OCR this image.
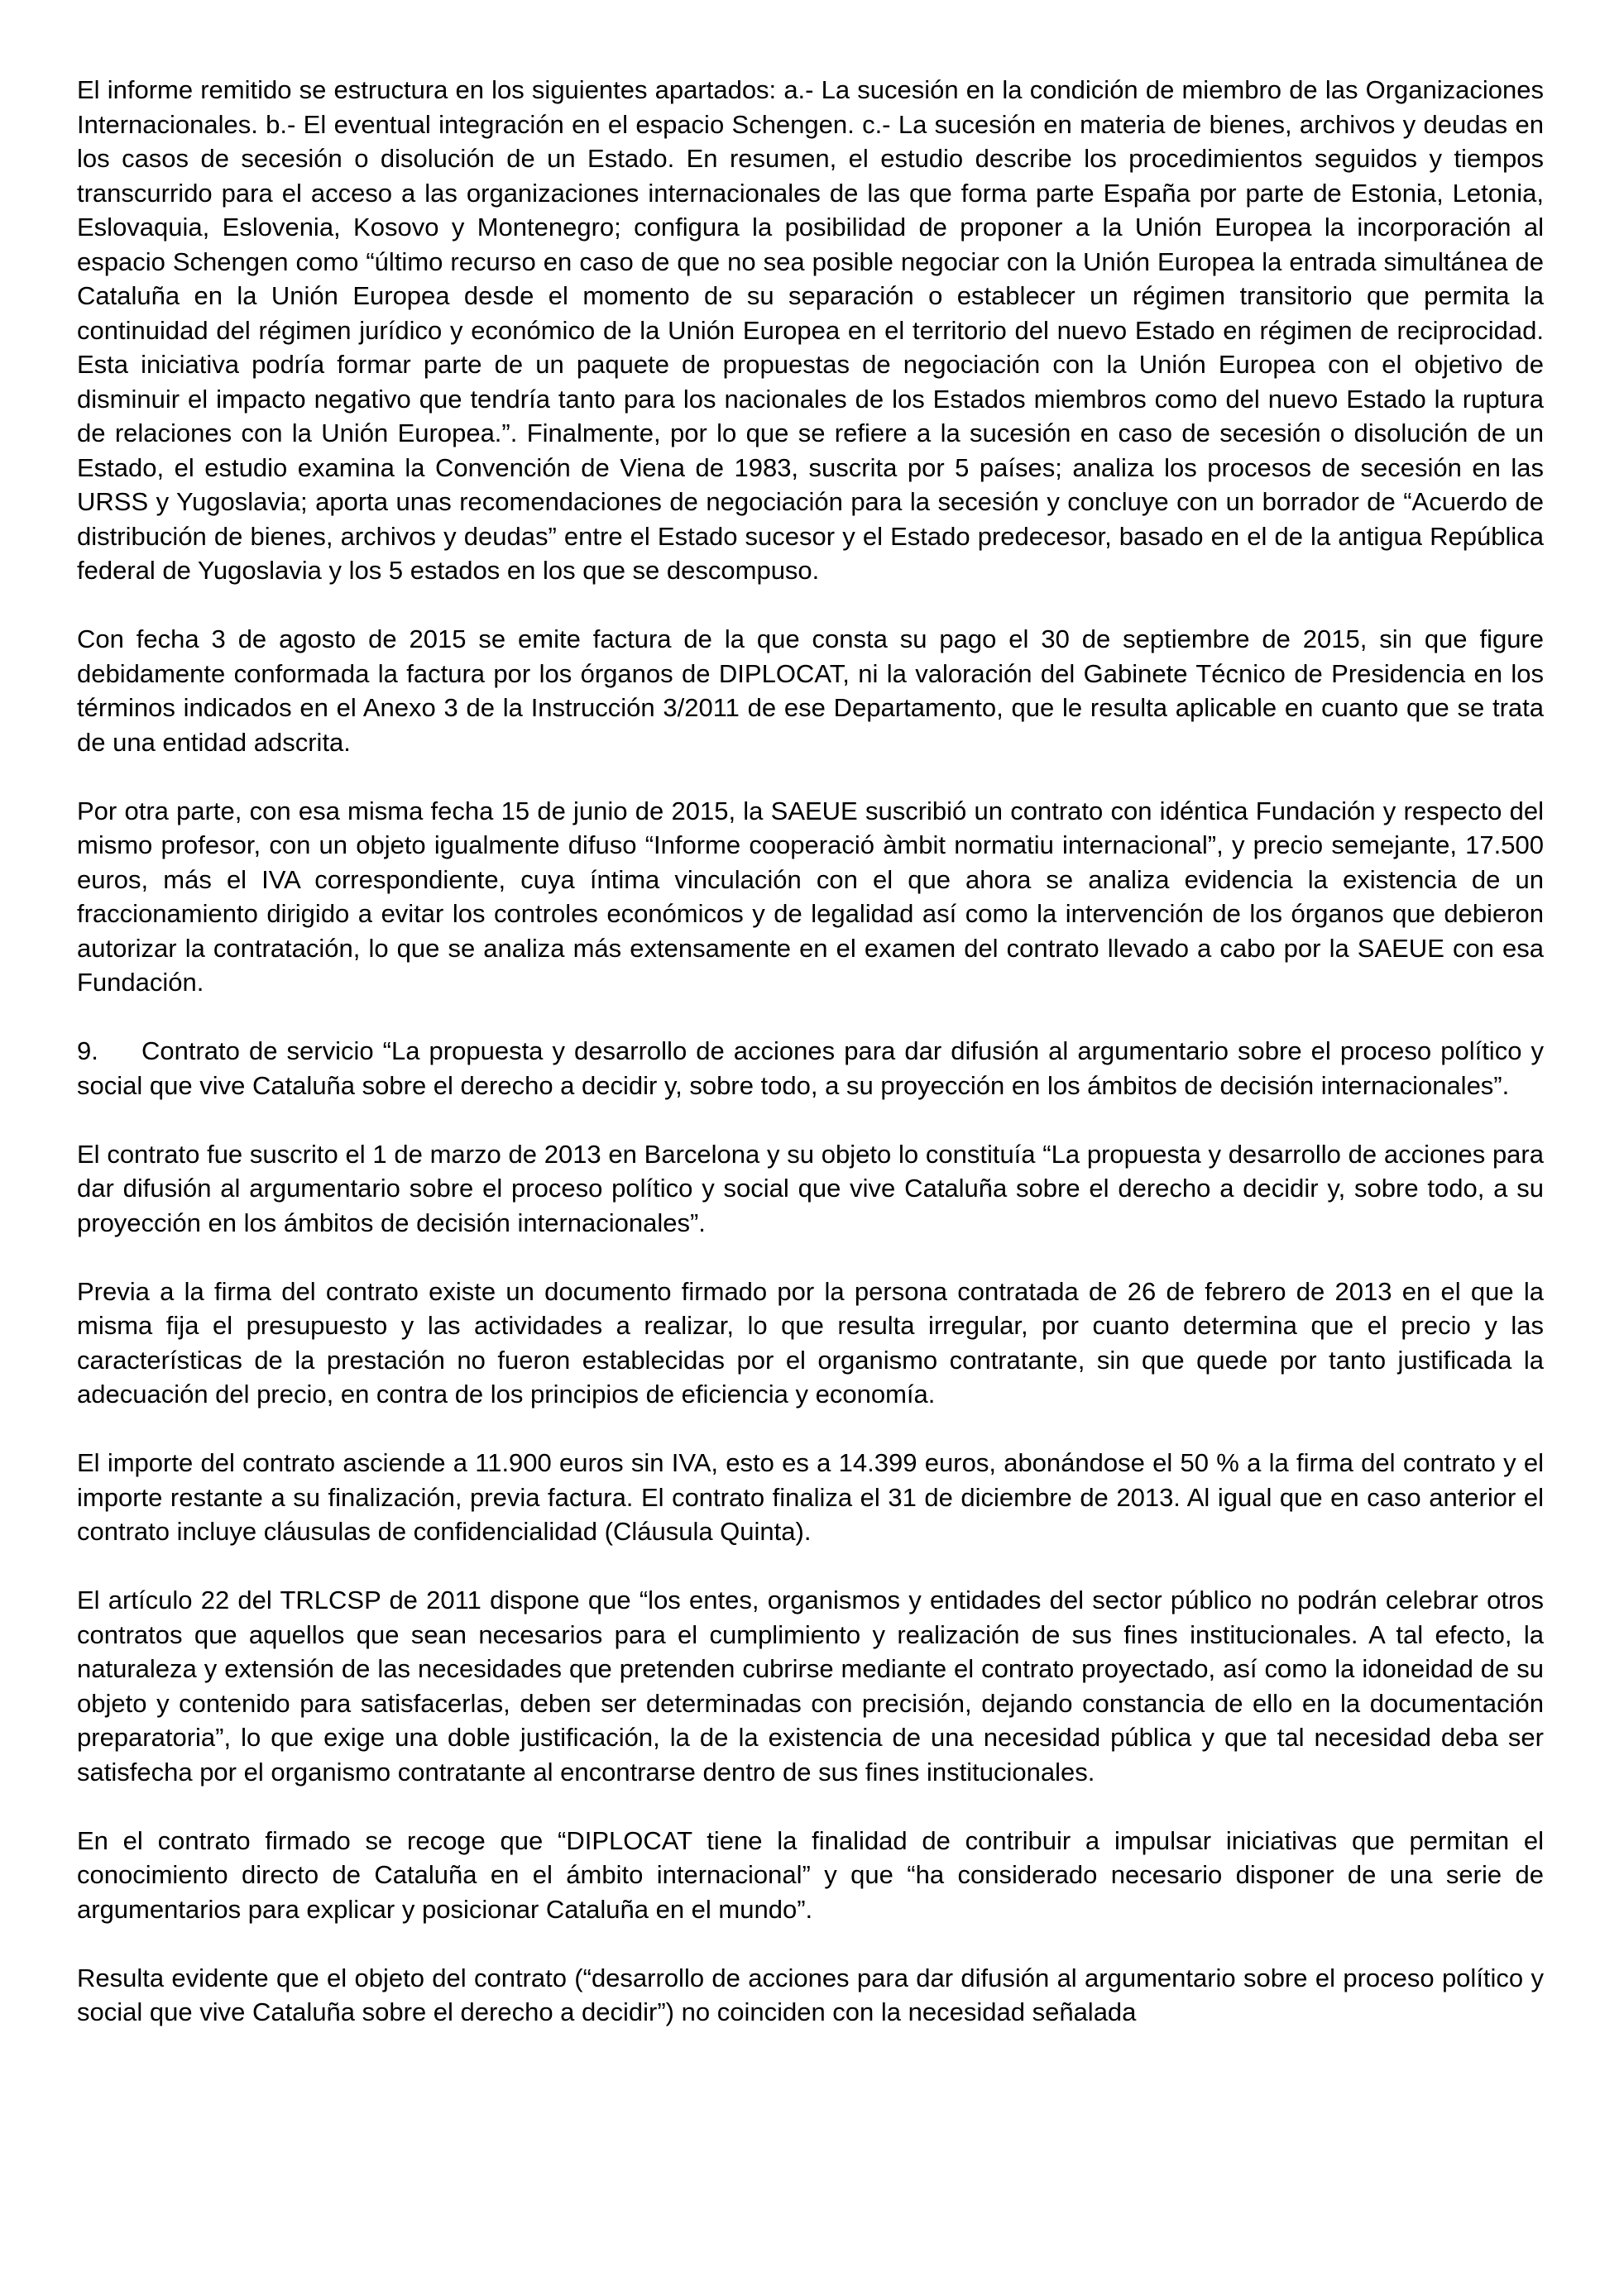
El informe remitido se estructura en los siguientes apartados: a.- La sucesión en la condición de miembro de las Organizaciones Internacionales. b.- El eventual integración en el espacio Schengen. c.- La sucesión en materia de bienes, archivos y deudas en los casos de secesión o disolución de un Estado. En resumen, el estudio describe los procedimientos seguidos y tiempos transcurrido para el acceso a las organizaciones internacionales de las que forma parte España por parte de Estonia, Letonia, Eslovaquia, Eslovenia, Kosovo y Montenegro; configura la posibilidad de proponer a la Unión Europea la incorporación al espacio Schengen como “último recurso en caso de que no sea posible negociar con la Unión Europea la entrada simultánea de Cataluña en la Unión Europea desde el momento de su separación o establecer un régimen transitorio que permita la continuidad del régimen jurídico y económico de la Unión Europea en el territorio del nuevo Estado en régimen de reciprocidad. Esta iniciativa podría formar parte de un paquete de propuestas de negociación con la Unión Europea con el objetivo de disminuir el impacto negativo que tendría tanto para los nacionales de los Estados miembros como del nuevo Estado la ruptura de relaciones con la Unión Europea.”. Finalmente, por lo que se refiere a la sucesión en caso de secesión o disolución de un Estado, el estudio examina la Convención de Viena de 1983, suscrita por 5 países; analiza los procesos de secesión en las URSS y Yugoslavia; aporta unas recomendaciones de negociación para la secesión y concluye con un borrador de “Acuerdo de distribución de bienes, archivos y deudas” entre el Estado sucesor y el Estado predecesor, basado en el de la antigua República federal de Yugoslavia y los 5 estados en los que se descompuso.

Con fecha 3 de agosto de 2015 se emite factura de la que consta su pago el 30 de septiembre de 2015, sin que figure debidamente conformada la factura por los órganos de DIPLOCAT, ni la valoración del Gabinete Técnico de Presidencia en los términos indicados en el Anexo 3 de la Instrucción 3/2011 de ese Departamento, que le resulta aplicable en cuanto que se trata de una entidad adscrita.

Por otra parte, con esa misma fecha 15 de junio de 2015, la SAEUE suscribió un contrato con idéntica Fundación y respecto del mismo profesor, con un objeto igualmente difuso “Informe cooperació àmbit normatiu internacional”, y precio semejante, 17.500 euros, más el IVA correspondiente, cuya íntima vinculación con el que ahora se analiza evidencia la existencia de un fraccionamiento dirigido a evitar los controles económicos y de legalidad así como la intervención de los órganos que debieron autorizar la contratación, lo que se analiza más extensamente en el examen del contrato llevado a cabo por la SAEUE con esa Fundación.

9. Contrato de servicio “La propuesta y desarrollo de acciones para dar difusión al argumentario sobre el proceso político y social que vive Cataluña sobre el derecho a decidir y, sobre todo, a su proyección en los ámbitos de decisión internacionales”.

El contrato fue suscrito el 1 de marzo de 2013 en Barcelona y su objeto lo constituía “La propuesta y desarrollo de acciones para dar difusión al argumentario sobre el proceso político y social que vive Cataluña sobre el derecho a decidir y, sobre todo, a su proyección en los ámbitos de decisión internacionales”.

Previa a la firma del contrato existe un documento firmado por la persona contratada de 26 de febrero de 2013 en el que la misma fija el presupuesto y las actividades a realizar, lo que resulta irregular, por cuanto determina que el precio y las características de la prestación no fueron establecidas por el organismo contratante, sin que quede por tanto justificada la adecuación del precio, en contra de los principios de eficiencia y economía.

El importe del contrato asciende a 11.900 euros sin IVA, esto es a 14.399 euros, abonándose el 50 % a la firma del contrato y el importe restante a su finalización, previa factura. El contrato finaliza el 31 de diciembre de 2013. Al igual que en caso anterior el contrato incluye cláusulas de confidencialidad (Cláusula Quinta).

El artículo 22 del TRLCSP de 2011 dispone que “los entes, organismos y entidades del sector público no podrán celebrar otros contratos que aquellos que sean necesarios para el cumplimiento y realización de sus fines institucionales. A tal efecto, la naturaleza y extensión de las necesidades que pretenden cubrirse mediante el contrato proyectado, así como la idoneidad de su objeto y contenido para satisfacerlas, deben ser determinadas con precisión, dejando constancia de ello en la documentación preparatoria”, lo que exige una doble justificación, la de la existencia de una necesidad pública y que tal necesidad deba ser satisfecha por el organismo contratante al encontrarse dentro de sus fines institucionales.

En el contrato firmado se recoge que “DIPLOCAT tiene la finalidad de contribuir a impulsar iniciativas que permitan el conocimiento directo de Cataluña en el ámbito internacional” y que “ha considerado necesario disponer de una serie de argumentarios para explicar y posicionar Cataluña en el mundo”.

Resulta evidente que el objeto del contrato (“desarrollo de acciones para dar difusión al argumentario sobre el proceso político y social que vive Cataluña sobre el derecho a decidir”) no coinciden con la necesidad señalada
